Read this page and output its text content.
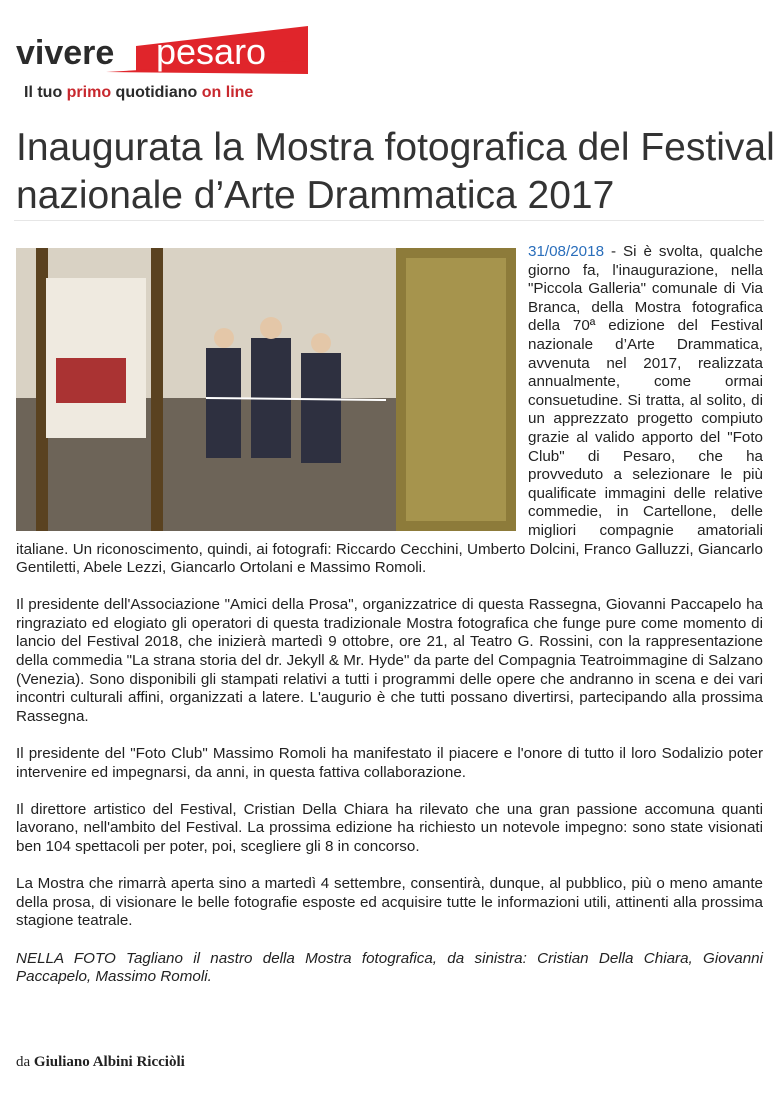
vivere pesaro
Il tuo primo quotidiano on line
Inaugurata la Mostra fotografica del Festival nazionale d’Arte Drammatica 2017

31/08/2018 - Si è svolta, qualche giorno fa, l'inaugurazione, nella "Piccola Galleria" comunale di Via Branca, della Mostra fotografica della 70ª edizione del Festival nazionale d’Arte Drammatica, avvenuta nel 2017, realizzata annualmente, come ormai consuetudine. Si tratta, al solito, di un apprezzato progetto compiuto grazie al valido apporto del "Foto Club" di Pesaro, che ha provveduto a selezionare le più qualificate immagini delle relative commedie, in Cartellone, delle migliori compagnie amatoriali italiane. Un riconoscimento, quindi, ai fotografi: Riccardo Cecchini, Umberto Dolcini, Franco Galluzzi, Giancarlo Gentiletti, Abele Lezzi, Giancarlo Ortolani e Massimo Romoli.

Il presidente dell'Associazione "Amici della Prosa", organizzatrice di questa Rassegna, Giovanni Paccapelo ha ringraziato ed elogiato gli operatori di questa tradizionale Mostra fotografica che funge pure come momento di lancio del Festival 2018, che inizierà martedì 9 ottobre, ore 21, al Teatro G. Rossini, con la rappresentazione della commedia "La strana storia del dr. Jekyll & Mr. Hyde" da parte del Compagnia Teatroimmagine di Salzano (Venezia). Sono disponibili gli stampati relativi a tutti i programmi delle opere che andranno in scena e dei vari incontri culturali affini, organizzati a latere. L'augurio è che tutti possano divertirsi, partecipando alla prossima Rassegna.

Il presidente del "Foto Club" Massimo Romoli ha manifestato il piacere e l'onore di tutto il loro Sodalizio poter intervenire ed impegnarsi, da anni, in questa fattiva collaborazione.

Il direttore artistico del Festival, Cristian Della Chiara ha rilevato che una gran passione accomuna quanti lavorano, nell'ambito del Festival. La prossima edizione ha richiesto un notevole impegno: sono state visionati ben 104 spettacoli per poter, poi, scegliere gli 8 in concorso.

La Mostra che rimarrà aperta sino a martedì 4 settembre, consentirà, dunque, al pubblico, più o meno amante della prosa, di visionare le belle fotografie esposte ed acquisire tutte le informazioni utili, attinenti alla prossima stagione teatrale.

NELLA FOTO Tagliano il nastro della Mostra fotografica, da sinistra: Cristian Della Chiara, Giovanni Paccapelo, Massimo Romoli.

da Giuliano Albini Ricciòli
